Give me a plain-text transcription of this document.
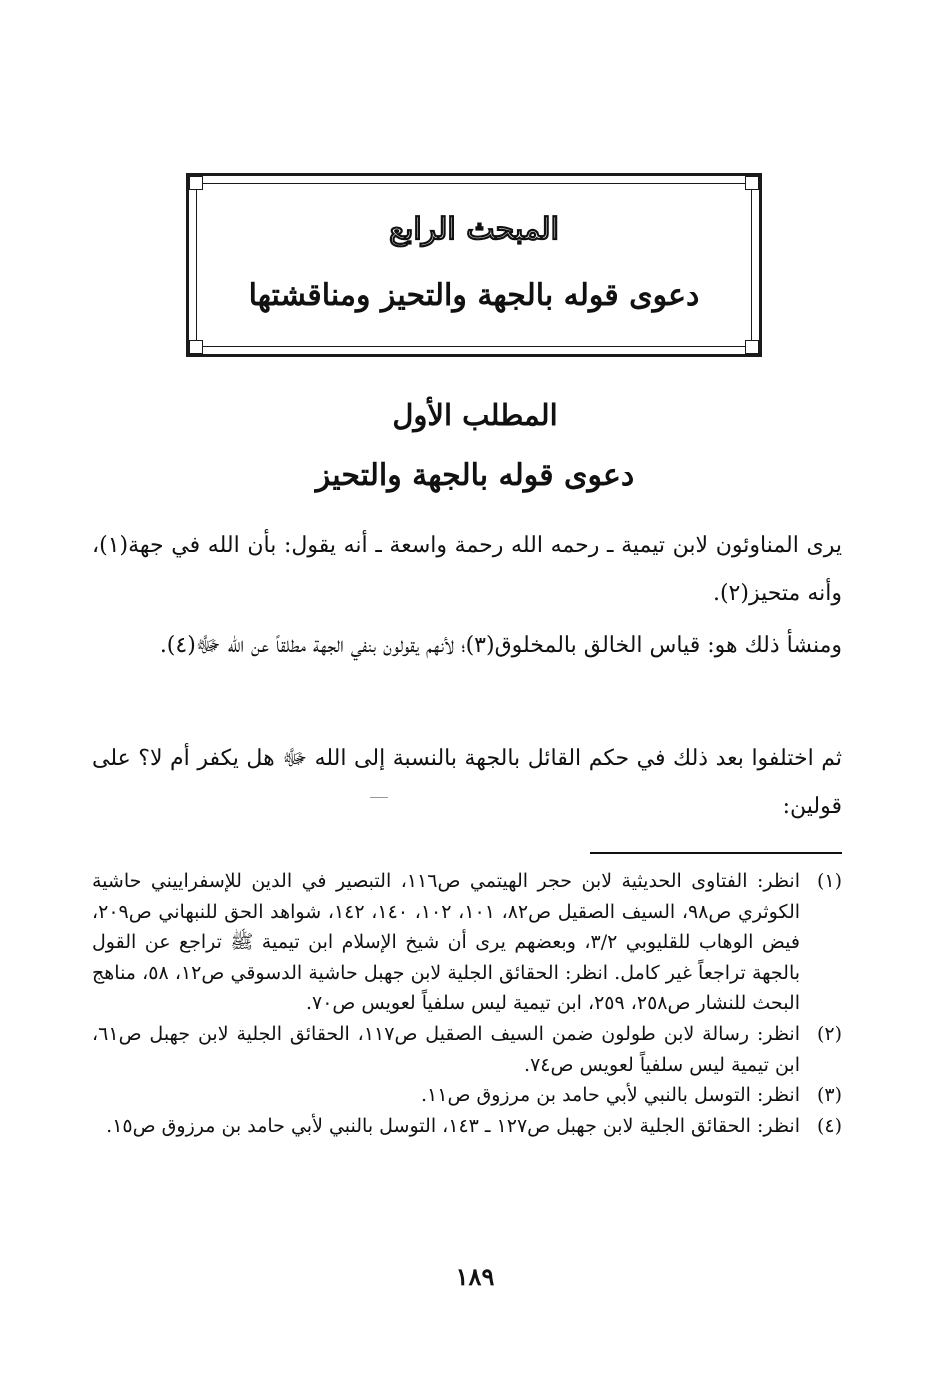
المبحث الرابع
دعوى قوله بالجهة والتحيز ومناقشتها
المطلب الأول
دعوى قوله بالجهة والتحيز

يرى المناوئون لابن تيمية ـ رحمه الله رحمة واسعة ـ أنه يقول: بأن الله في جهة(١)، وأنه متحيز(٢).

ومنشأ ذلك هو: قياس الخالق بالمخلوق(٣)؛ لأنهم يقولون بنفي الجهة مطلقاً عن الله ﷻ(٤).

ثم اختلفوا بعد ذلك في حكم القائل بالجهة بالنسبة إلى الله ﷻ هل يكفر أم لا؟ على قولين:

(١)
انظر: الفتاوى الحديثية لابن حجر الهيتمي ص١١٦، التبصير في الدين للإسفراييني حاشية الكوثري ص٩٨، السيف الصقيل ص٨٢، ١٠١، ١٠٢، ١٤٠، ١٤٢، شواهد الحق للنبهاني ص٢٠٩، فيض الوهاب للقليوبي ٣/٢، وبعضهم يرى أن شيخ الإسلام ابن تيمية ﷺ تراجع عن القول بالجهة تراجعاً غير كامل. انظر: الحقائق الجلية لابن جهبل حاشية الدسوقي ص١٢، ٥٨، مناهج البحث للنشار ص٢٥٨، ٢٥٩، ابن تيمية ليس سلفياً لعويس ص٧٠.
(٢)
انظر: رسالة لابن طولون ضمن السيف الصقيل ص١١٧، الحقائق الجلية لابن جهبل ص٦١، ابن تيمية ليس سلفياً لعويس ص٧٤.
(٣)
انظر: التوسل بالنبي لأبي حامد بن مرزوق ص١١.
(٤)
انظر: الحقائق الجلية لابن جهبل ص١٢٧ ـ ١٤٣، التوسل بالنبي لأبي حامد بن مرزوق ص١٥.
١٨٩
